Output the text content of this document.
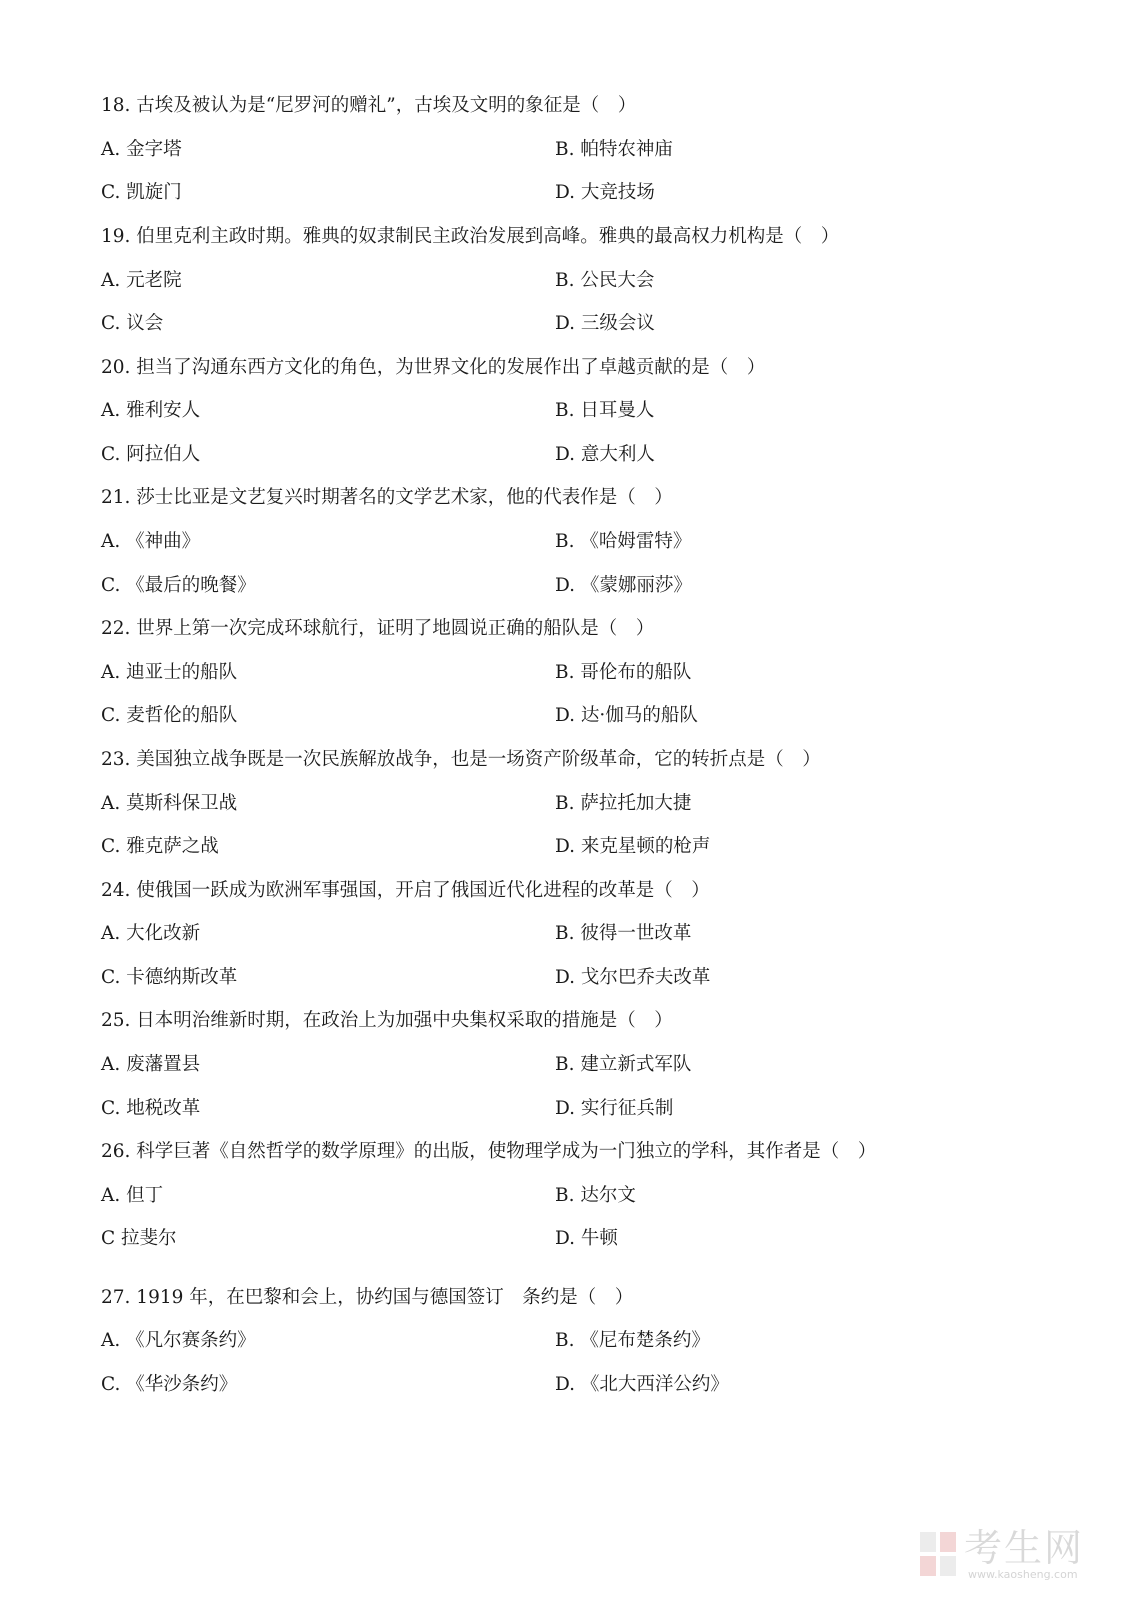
18. 古埃及被认为是“尼罗河的赠礼”，古埃及文明的象征是（　）
A. 金字塔	B. 帕特农神庙
C. 凯旋门	D. 大竞技场
19. 伯里克利主政时期。雅典的奴隶制民主政治发展到高峰。雅典的最高权力机构是（　）
A. 元老院	B. 公民大会
C. 议会	D. 三级会议
20. 担当了沟通东西方文化的角色，为世界文化的发展作出了卓越贡献的是（　）
A. 雅利安人	B. 日耳曼人
C. 阿拉伯人	D. 意大利人
21. 莎士比亚是文艺复兴时期著名的文学艺术家，他的代表作是（　）
A. 《神曲》	B. 《哈姆雷特》
C. 《最后的晚餐》	D. 《蒙娜丽莎》
22. 世界上第一次完成环球航行，证明了地圆说正确的船队是（　）
A. 迪亚士的船队	B. 哥伦布的船队
C. 麦哲伦的船队	D. 达·伽马的船队
23. 美国独立战争既是一次民族解放战争，也是一场资产阶级革命，它的转折点是（　）
A. 莫斯科保卫战	B. 萨拉托加大捷
C. 雅克萨之战	D. 来克星顿的枪声
24. 使俄国一跃成为欧洲军事强国，开启了俄国近代化进程的改革是（　）
A. 大化改新	B. 彼得一世改革
C. 卡德纳斯改革	D. 戈尔巴乔夫改革
25. 日本明治维新时期，在政治上为加强中央集权采取的措施是（　）
A. 废藩置县	B. 建立新式军队
C. 地税改革	D. 实行征兵制
26. 科学巨著《自然哲学的数学原理》的出版，使物理学成为一门独立的学科，其作者是（　）
A. 但丁	B. 达尔文
C 拉斐尔	D. 牛顿
27. 1919 年，在巴黎和会上，协约国与德国签订　条约是（　）
A. 《凡尔赛条约》	B. 《尼布楚条约》
C. 《华沙条约》	D. 《北大西洋公约》
考生网
www.kaosheng.com
